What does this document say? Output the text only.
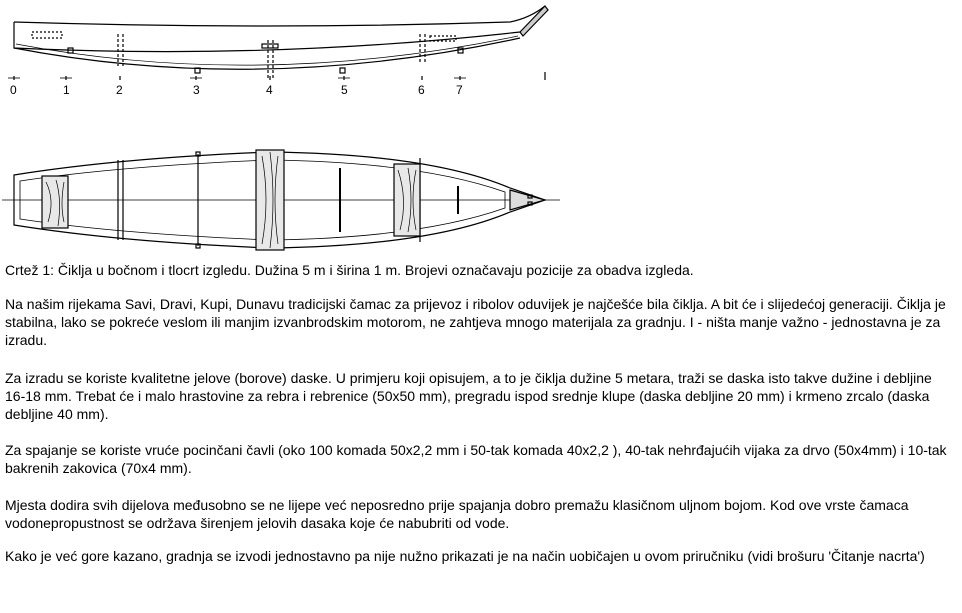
0	1	2	3	4	5	6	7

Crtež 1: Čiklja u bočnom i tlocrt izgledu. Dužina 5 m i širina 1 m. Brojevi označavaju pozicije za obadva izgleda.

Na našim rijekama Savi, Dravi, Kupi, Dunavu tradicijski čamac za prijevoz i ribolov oduvijek je najčešće bila čiklja. A bit će i slijedećoj generaciji. Čiklja je stabilna, lako se pokreće veslom ili manjim izvanbrodskim motorom, ne zahtjeva mnogo materijala za gradnju. I - ništa manje važno - jednostavna je za izradu.

Za izradu se koriste kvalitetne jelove (borove) daske. U primjeru koji opisujem, a to je čiklja dužine 5 metara, traži se daska isto takve dužine i debljine 16-18 mm. Trebat će i malo hrastovine za rebra i rebrenice (50x50 mm), pregradu ispod srednje klupe (daska debljine 20 mm) i krmeno zrcalo (daska debljine 40 mm).

Za spajanje se koriste vruće pocinčani čavli (oko 100 komada 50x2,2 mm i 50-tak komada 40x2,2 ), 40-tak nehrđajućih vijaka za drvo (50x4mm) i 10-tak bakrenih zakovica (70x4 mm).

Mjesta dodira svih dijelova međusobno se ne lijepe već neposredno prije spajanja dobro premažu klasičnom uljnom bojom. Kod ove vrste čamaca vodonepropustnost se održava širenjem jelovih dasaka koje će nabubriti od vode.

Kako je već gore kazano, gradnja se izvodi jednostavno pa nije nužno prikazati je na način uobičajen u ovom priručniku (vidi brošuru 'Čitanje nacrta')
